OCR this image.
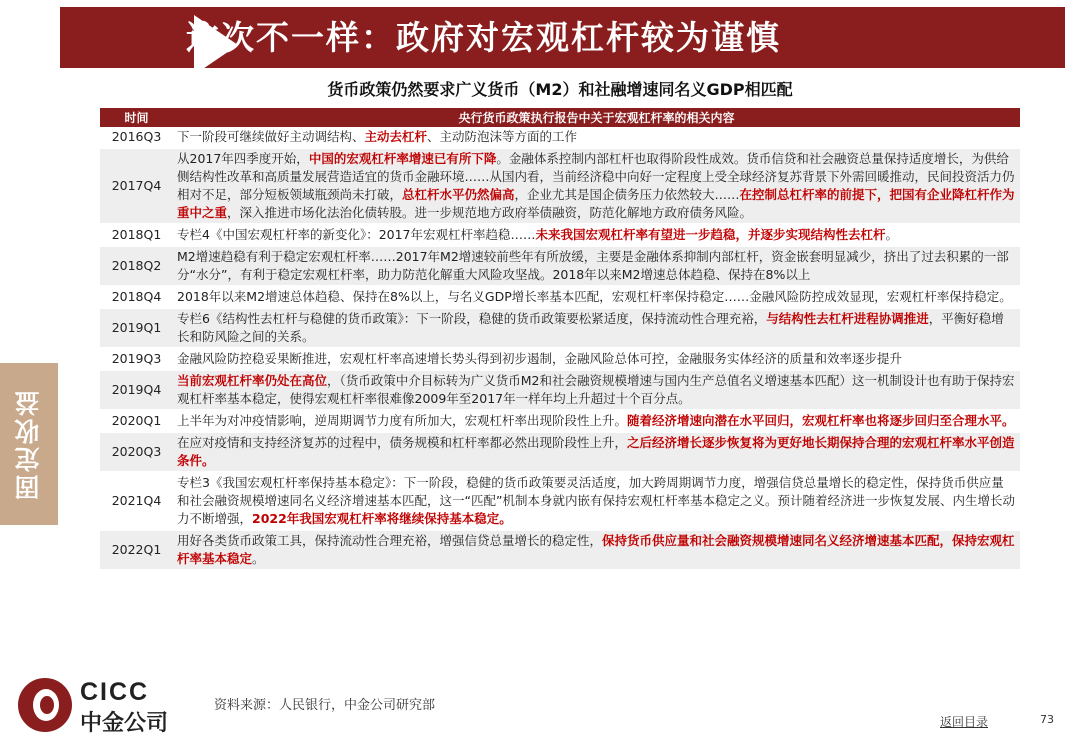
这次不一样：政府对宏观杠杆较为谨慎
固定收益
货币政策仍然要求广义货币（M2）和社融增速同名义GDP相匹配
时间	央行货币政策执行报告中关于宏观杠杆率的相关内容
2016Q3	下一阶段可继续做好主动调结构、主动去杠杆、主动防泡沫等方面的工作
2017Q4	从2017年四季度开始，中国的宏观杠杆率增速已有所下降。金融体系控制内部杠杆也取得阶段性成效。货币信贷和社会融资总量保持适度增长，为供给侧结构性改革和高质量发展营造适宜的货币金融环境……从国内看，当前经济稳中向好一定程度上受全球经济复苏背景下外需回暖推动，民间投资活力仍相对不足，部分短板领域瓶颈尚未打破，总杠杆水平仍然偏高，企业尤其是国企债务压力依然较大……在控制总杠杆率的前提下，把国有企业降杠杆作为重中之重，深入推进市场化法治化债转股。进一步规范地方政府举债融资，防范化解地方政府债务风险。
2018Q1	专栏4《中国宏观杠杆率的新变化》：2017年宏观杠杆率趋稳……未来我国宏观杠杆率有望进一步趋稳，并逐步实现结构性去杠杆。
2018Q2	M2增速趋稳有利于稳定宏观杠杆率……2017年M2增速较前些年有所放缓，主要是金融体系抑制内部杠杆，资金嵌套明显减少，挤出了过去积累的一部分“水分”，有利于稳定宏观杠杆率，助力防范化解重大风险攻坚战。2018年以来M2增速总体趋稳、保持在8%以上
2018Q4	2018年以来M2增速总体趋稳、保持在8%以上，与名义GDP增长率基本匹配，宏观杠杆率保持稳定……金融风险防控成效显现，宏观杠杆率保持稳定。
2019Q1	专栏6《结构性去杠杆与稳健的货币政策》：下一阶段，稳健的货币政策要松紧适度，保持流动性合理充裕，与结构性去杠杆进程协调推进，平衡好稳增长和防风险之间的关系。
2019Q3	金融风险防控稳妥果断推进，宏观杠杆率高速增长势头得到初步遏制，金融风险总体可控，金融服务实体经济的质量和效率逐步提升
2019Q4	当前宏观杠杆率仍处在高位，（货币政策中介目标转为广义货币M2和社会融资规模增速与国内生产总值名义增速基本匹配）这一机制设计也有助于保持宏观杠杆率基本稳定，使得宏观杠杆率很难像2009年至2017年一样年均上升超过十个百分点。
2020Q1	上半年为对冲疫情影响，逆周期调节力度有所加大，宏观杠杆率出现阶段性上升。随着经济增速向潜在水平回归，宏观杠杆率也将逐步回归至合理水平。
2020Q3	在应对疫情和支持经济复苏的过程中，债务规模和杠杆率都必然出现阶段性上升，之后经济增长逐步恢复将为更好地长期保持合理的宏观杠杆率水平创造条件。
2021Q4	专栏3《我国宏观杠杆率保持基本稳定》：下一阶段，稳健的货币政策要灵活适度，加大跨周期调节力度，增强信贷总量增长的稳定性，保持货币供应量和社会融资规模增速同名义经济增速基本匹配，这一“匹配”机制本身就内嵌有保持宏观杠杆率基本稳定之义。预计随着经济进一步恢复发展、内生增长动力不断增强，2022年我国宏观杠杆率将继续保持基本稳定。
2022Q1	用好各类货币政策工具，保持流动性合理充裕，增强信贷总量增长的稳定性，保持货币供应量和社会融资规模增速同名义经济增速基本匹配，保持宏观杠杆率基本稳定。
CICC
中金公司
资料来源：人民银行，中金公司研究部
返回目录	73
